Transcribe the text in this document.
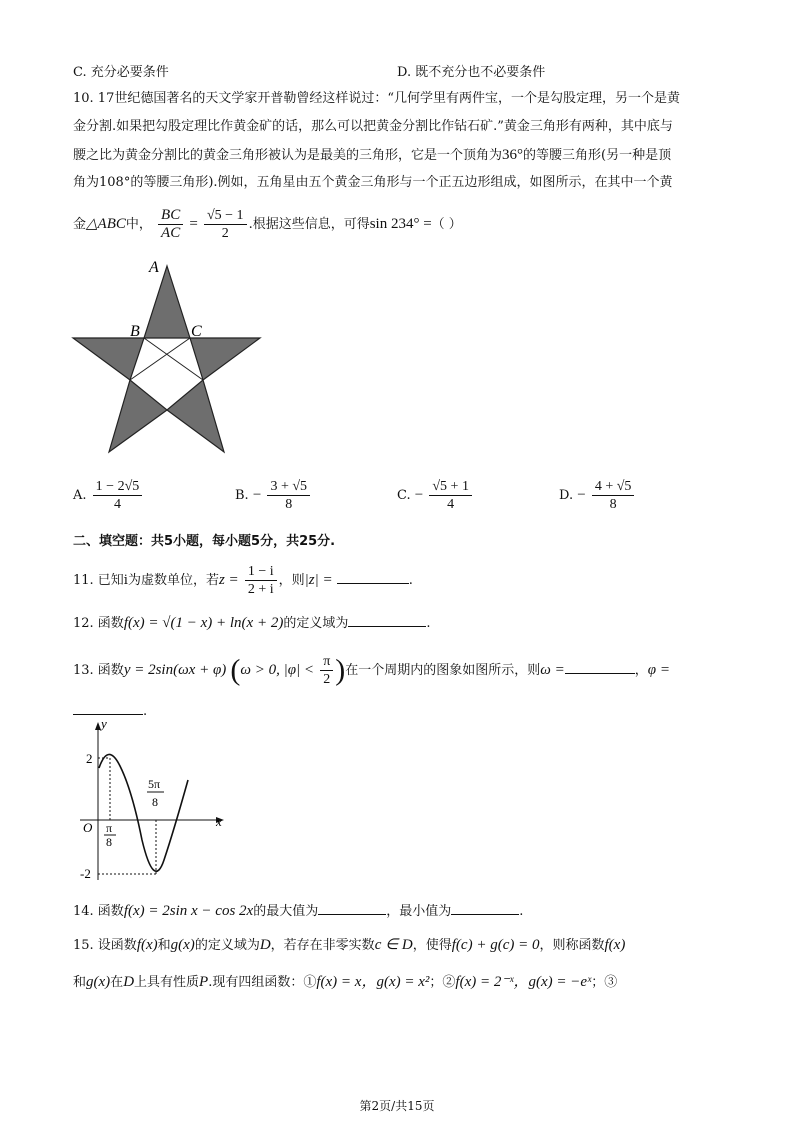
C. 充分必要条件	D. 既不充分也不必要条件
10. 17世纪德国著名的天文学家开普勒曾经这样说过：“几何学里有两件宝，一个是勾股定理，另一个是黄
金分割.如果把勾股定理比作黄金矿的话，那么可以把黄金分割比作钻石矿.”黄金三角形有两种，其中底与
腰之比为黄金分割比的黄金三角形被认为是最美的三角形，它是一个顶角为36°的等腰三角形(另一种是顶
角为108°的等腰三角形).例如，五角星由五个黄金三角形与一个正五边形组成，如图所示，在其中一个黄
金△ABC中， $\frac{BC}{AC} = \frac{√5 - 1}{2}$ .根据这些信息，可得sin 234° =（ ）
A
B	C
A. $\frac{1 - 2√5}{4}$	B. − $\frac{3 + √5}{8}$	C. − $\frac{√5 + 1}{4}$	D. − $\frac{4 + √5}{8}$
二、填空题：共5小题，每小题5分，共25分.
11. 已知i为虚数单位，若$z = \frac{1 - i}{2 + i}$ ，则|z| =	.
12. 函数f(x) = √(1 − x) + ln(x + 2)的定义域为	.
13. 函数y = 2sin(ωx + φ) (ω > 0, $|\varphi| < \frac{\pi}{2}$ )在一个周期内的图象如图所示，则ω =	，φ =
.
y
x
O
2
-2
π
8
5π
8
14. 函数f(x) = 2sin x − cos 2x的最大值为	，最小值为	.
15. 设函数f(x)和g(x)的定义域为D，若存在非零实数c ∈ D，使得f(c) + g(c) = 0，则称函数f(x)
和g(x)在D上具有性质P.现有四组函数：①f(x) = x，g(x) = x²；②f(x) = 2⁻ˣ，g(x) = −eˣ；③
第2页/共15页
